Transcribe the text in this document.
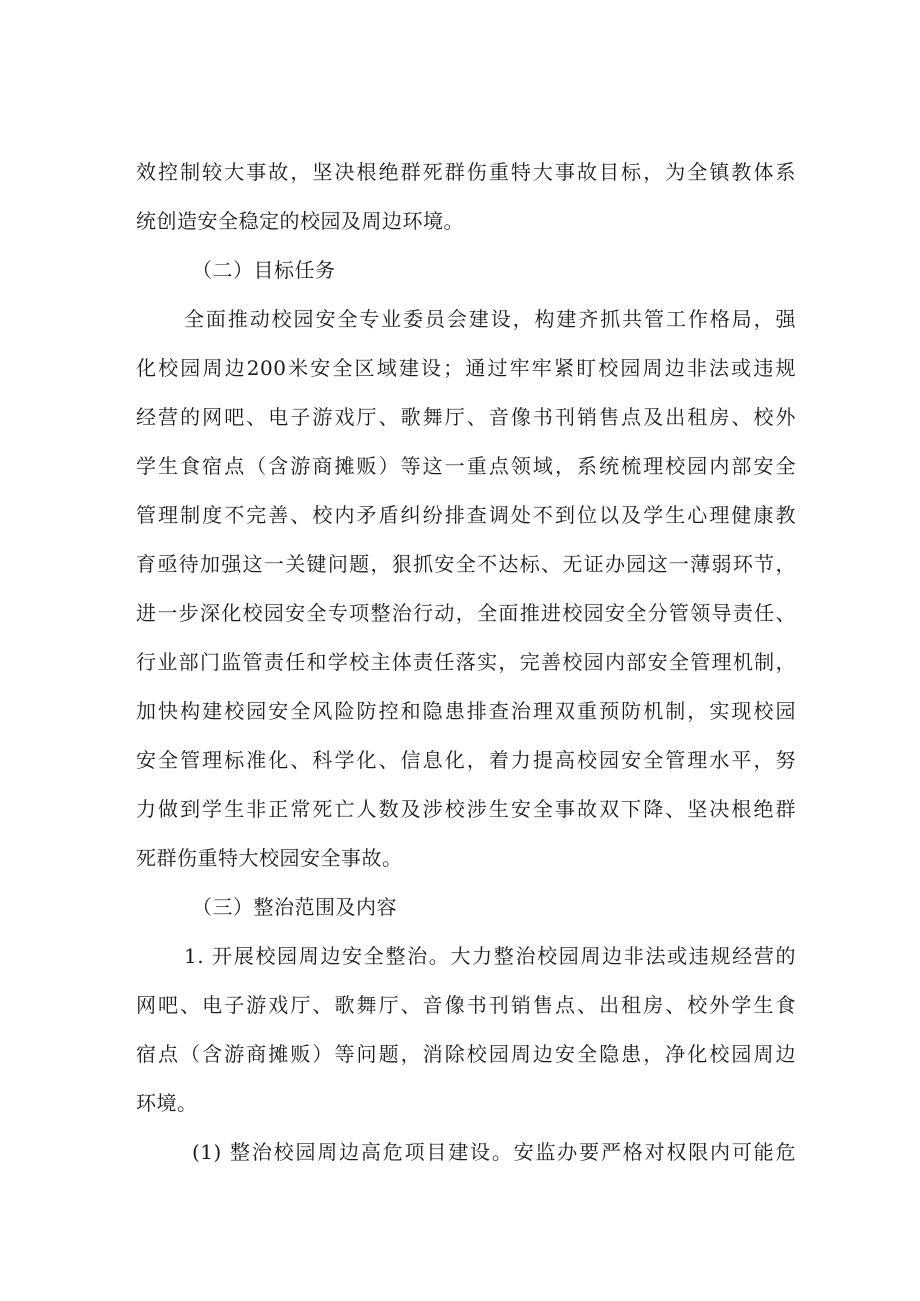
效控制较大事故，坚决根绝群死群伤重特大事故目标，为全镇教体系
统创造安全稳定的校园及周边环境。
（二）目标任务
全面推动校园安全专业委员会建设，构建齐抓共管工作格局，强
化校园周边200米安全区域建设；通过牢牢紧盯校园周边非法或违规
经营的网吧、电子游戏厅、歌舞厅、音像书刊销售点及出租房、校外
学生食宿点（含游商摊贩）等这一重点领域，系统梳理校园内部安全
管理制度不完善、校内矛盾纠纷排查调处不到位以及学生心理健康教
育亟待加强这一关键问题，狠抓安全不达标、无证办园这一薄弱环节，
进一步深化校园安全专项整治行动，全面推进校园安全分管领导责任、
行业部门监管责任和学校主体责任落实，完善校园内部安全管理机制，
加快构建校园安全风险防控和隐患排查治理双重预防机制，实现校园
安全管理标准化、科学化、信息化，着力提高校园安全管理水平，努
力做到学生非正常死亡人数及涉校涉生安全事故双下降、坚决根绝群
死群伤重特大校园安全事故。
（三）整治范围及内容
1. 开展校园周边安全整治。大力整治校园周边非法或违规经营的
网吧、电子游戏厅、歌舞厅、音像书刊销售点、出租房、校外学生食
宿点（含游商摊贩）等问题，消除校园周边安全隐患，净化校园周边
环境。
(1) 整治校园周边高危项目建设。安监办要严格对权限内可能危
